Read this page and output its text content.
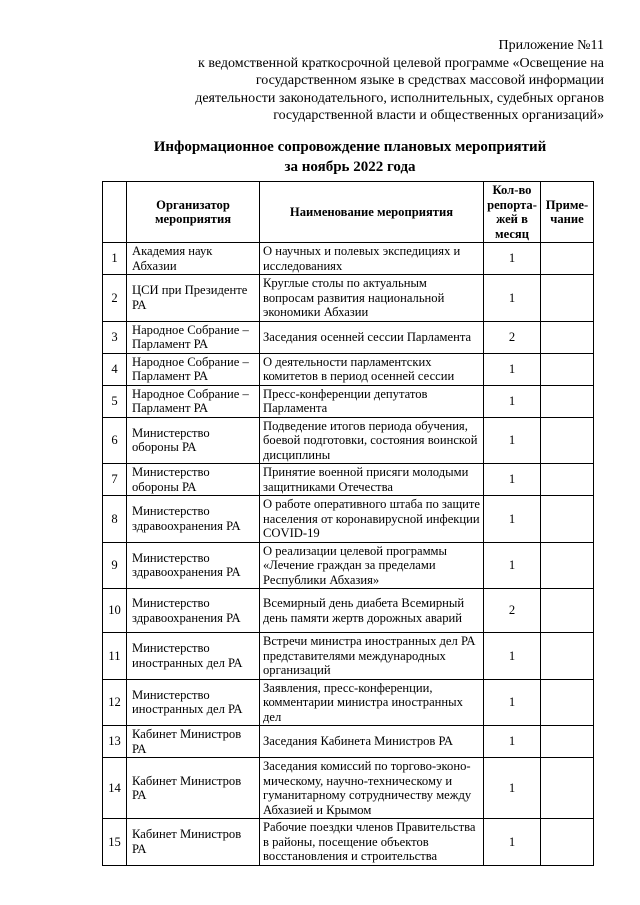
Приложение №11
к ведомственной краткосрочной целевой программе «Освещение на
государственном языке в средствах массовой информации
деятельности законодательного, исполнительных, судебных органов
государственной власти и общественных организаций»
Информационное сопровождение плановых мероприятий
за ноябрь 2022 года
	Организатор мероприятия	Наименование мероприятия	Кол-во репорта-жей в месяц	Приме-чание
1	Академия наук Абхазии	О научных и полевых экспедициях и исследованиях	1	
2	ЦСИ при Президенте РА	Круглые столы по актуальным вопросам развития национальной экономики Абхазии	1	
3	Народное Собрание – Парламент РА	Заседания осенней сессии Парламента	2	
4	Народное Собрание – Парламент РА	О деятельности парламентских комитетов в период осенней сессии	1	
5	Народное Собрание – Парламент РА	Пресс-конференции депутатов Парламента	1	
6	Министерство обороны РА	Подведение итогов периода обучения, боевой подготовки, состояния воинской дисциплины	1	
7	Министерство обороны РА	Принятие военной присяги молодыми защитниками Отечества	1	
8	Министерство здравоохранения РА	О работе оперативного штаба по защите населения от коронавирусной инфекции COVID-19	1	
9	Министерство здравоохранения РА	О реализации целевой программы «Лечение граждан за пределами Республики Абхазия»	1	
10	Министерство здравоохранения РА	Всемирный день диабета Всемирный день памяти жертв дорожных аварий	2	
11	Министерство иностранных дел РА	Встречи министра иностранных дел РА представителями международных организаций	1	
12	Министерство иностранных дел РА	Заявления, пресс-конференции, комментарии министра иностранных дел	1	
13	Кабинет Министров РА	Заседания Кабинета Министров РА	1	
14	Кабинет Министров РА	Заседания комиссий по торгово-эконо-мическому, научно-техническому и гуманитарному сотрудничеству между Абхазией и Крымом	1	
15	Кабинет Министров РА	Рабочие поездки членов Правительства в районы, посещение объектов восстановления и строительства	1	
